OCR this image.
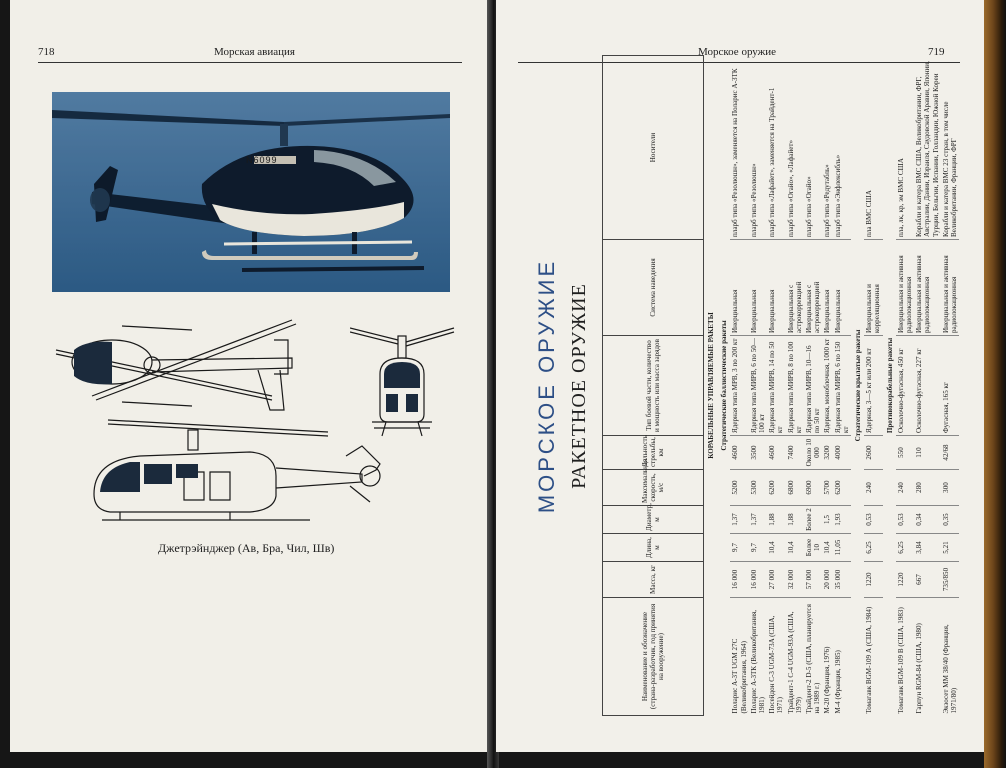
718	Морская авиация
N6099
Джетрэйнджер (Ав, Бра, Чил, Шв)
Морское оружие	719
МОРСКОЕ ОРУЖИЕ РАКЕТНОЕ ОРУЖИЕ
Наименование и обозначение (страна-разработчик, год принятия на вооружение)	Масса, кг	Длина, м	Диаметр, м	Максимальная скорость, м/с	Дальность стрельбы, км	Тип боевой части, количество и мощность или масса зарядов	Система наведения	Носители
КОРАБЕЛЬНЫЕ УПРАВЛЯЕМЫЕ РАКЕТЫ								
Стратегические баллистические ракеты								
Поларис А-3Т UGM 27C (Великобритания, 1964)	16 000	9,7	1,37	5200	4600	Ядерная типа МРВ, 3 по 200 кт	Инерциальная	пларб типа «Резолюшн», заменяется на Поларис А-3ТК
Поларис А-3ТК (Великобритания, 1981)	16 000	9,7	1,37	5300	3500	Ядерная типа МИРВ, 6 по 50—100 кт	Инерциальная	пларб типа «Резолюшн»
Посейдон С-3 UGM-73A (США, 1971)	27 000	10,4	1,88	6200	4600	Ядерная типа МИРВ, 14 по 50 кт	Инерциальная	пларб типа «Лафайет», заменяется на Трайдент-1
Трайдент-1 С-4 UGM-93A (США, 1979)	32 000	10,4	1,88	6800	7400	Ядерная типа МИРВ, 8 по 100 кт	Инерциальная с астрокоррекцией	пларб типа «Огайо», «Лафайет»
Трайдент-2 D-5 (США, планируется на 1989 г.)	57 000	Более 10	Более 2	6900	Около 10 000	Ядерная типа МИРВ, 10—16 по 50 кт	Инерциальная с астрокоррекцией	пларб типа «Огайо»
М-20 (Франция, 1976)	20 000	10,4	1,5	5700	3200	Ядерная, моноблочная, 1000 кт	Инерциальная	пларб типа «Редутабль»
М-4 (Франция, 1985)	35 000	11,05	1,93	6200	4000	Ядерная типа МИРВ, 6 по 150 кт	Инерциальная	пларб типа «Энфлексибль»
Стратегические крылатые ракеты								
Томагавк BGM-109 А (США, 1984)	1220	6,25	0,53	240	2600	Ядерная, 3—5 кт или 200 кт	Инерциальная и корреляционная	пла ВМС США
Противокорабельные ракеты								
Томагавк BGM-109 В (США, 1983)	1220	6,25	0,53	240	550	Осколочно-фугасная, 450 кг	Инерциальная и активная радиолокационная	пла, лк, кр, эм ВМС США
Гарпун RGM-84 (США, 1980)	667	3,84	0,34	280	110	Осколочно-фугасная, 227 кг	Инерциальная и активная радиолокационная	Корабли и катера ВМС США, Великобритании, ФРГ, Австралии, Дании, Израиля, Саудовской Аравии, Японии, Турции, Бельгии, Испании, Голландии, Южной Кореи
Экзосет ММ 38/40 (Франция, 1971/80)	735/850	5,21	0,35	300	42/68	Фугасная, 165 кг	Инерциальная и активная радиолокационная	Корабли и катера ВМС 23 стран, в том числе Великобритании, Франции, ФРГ
